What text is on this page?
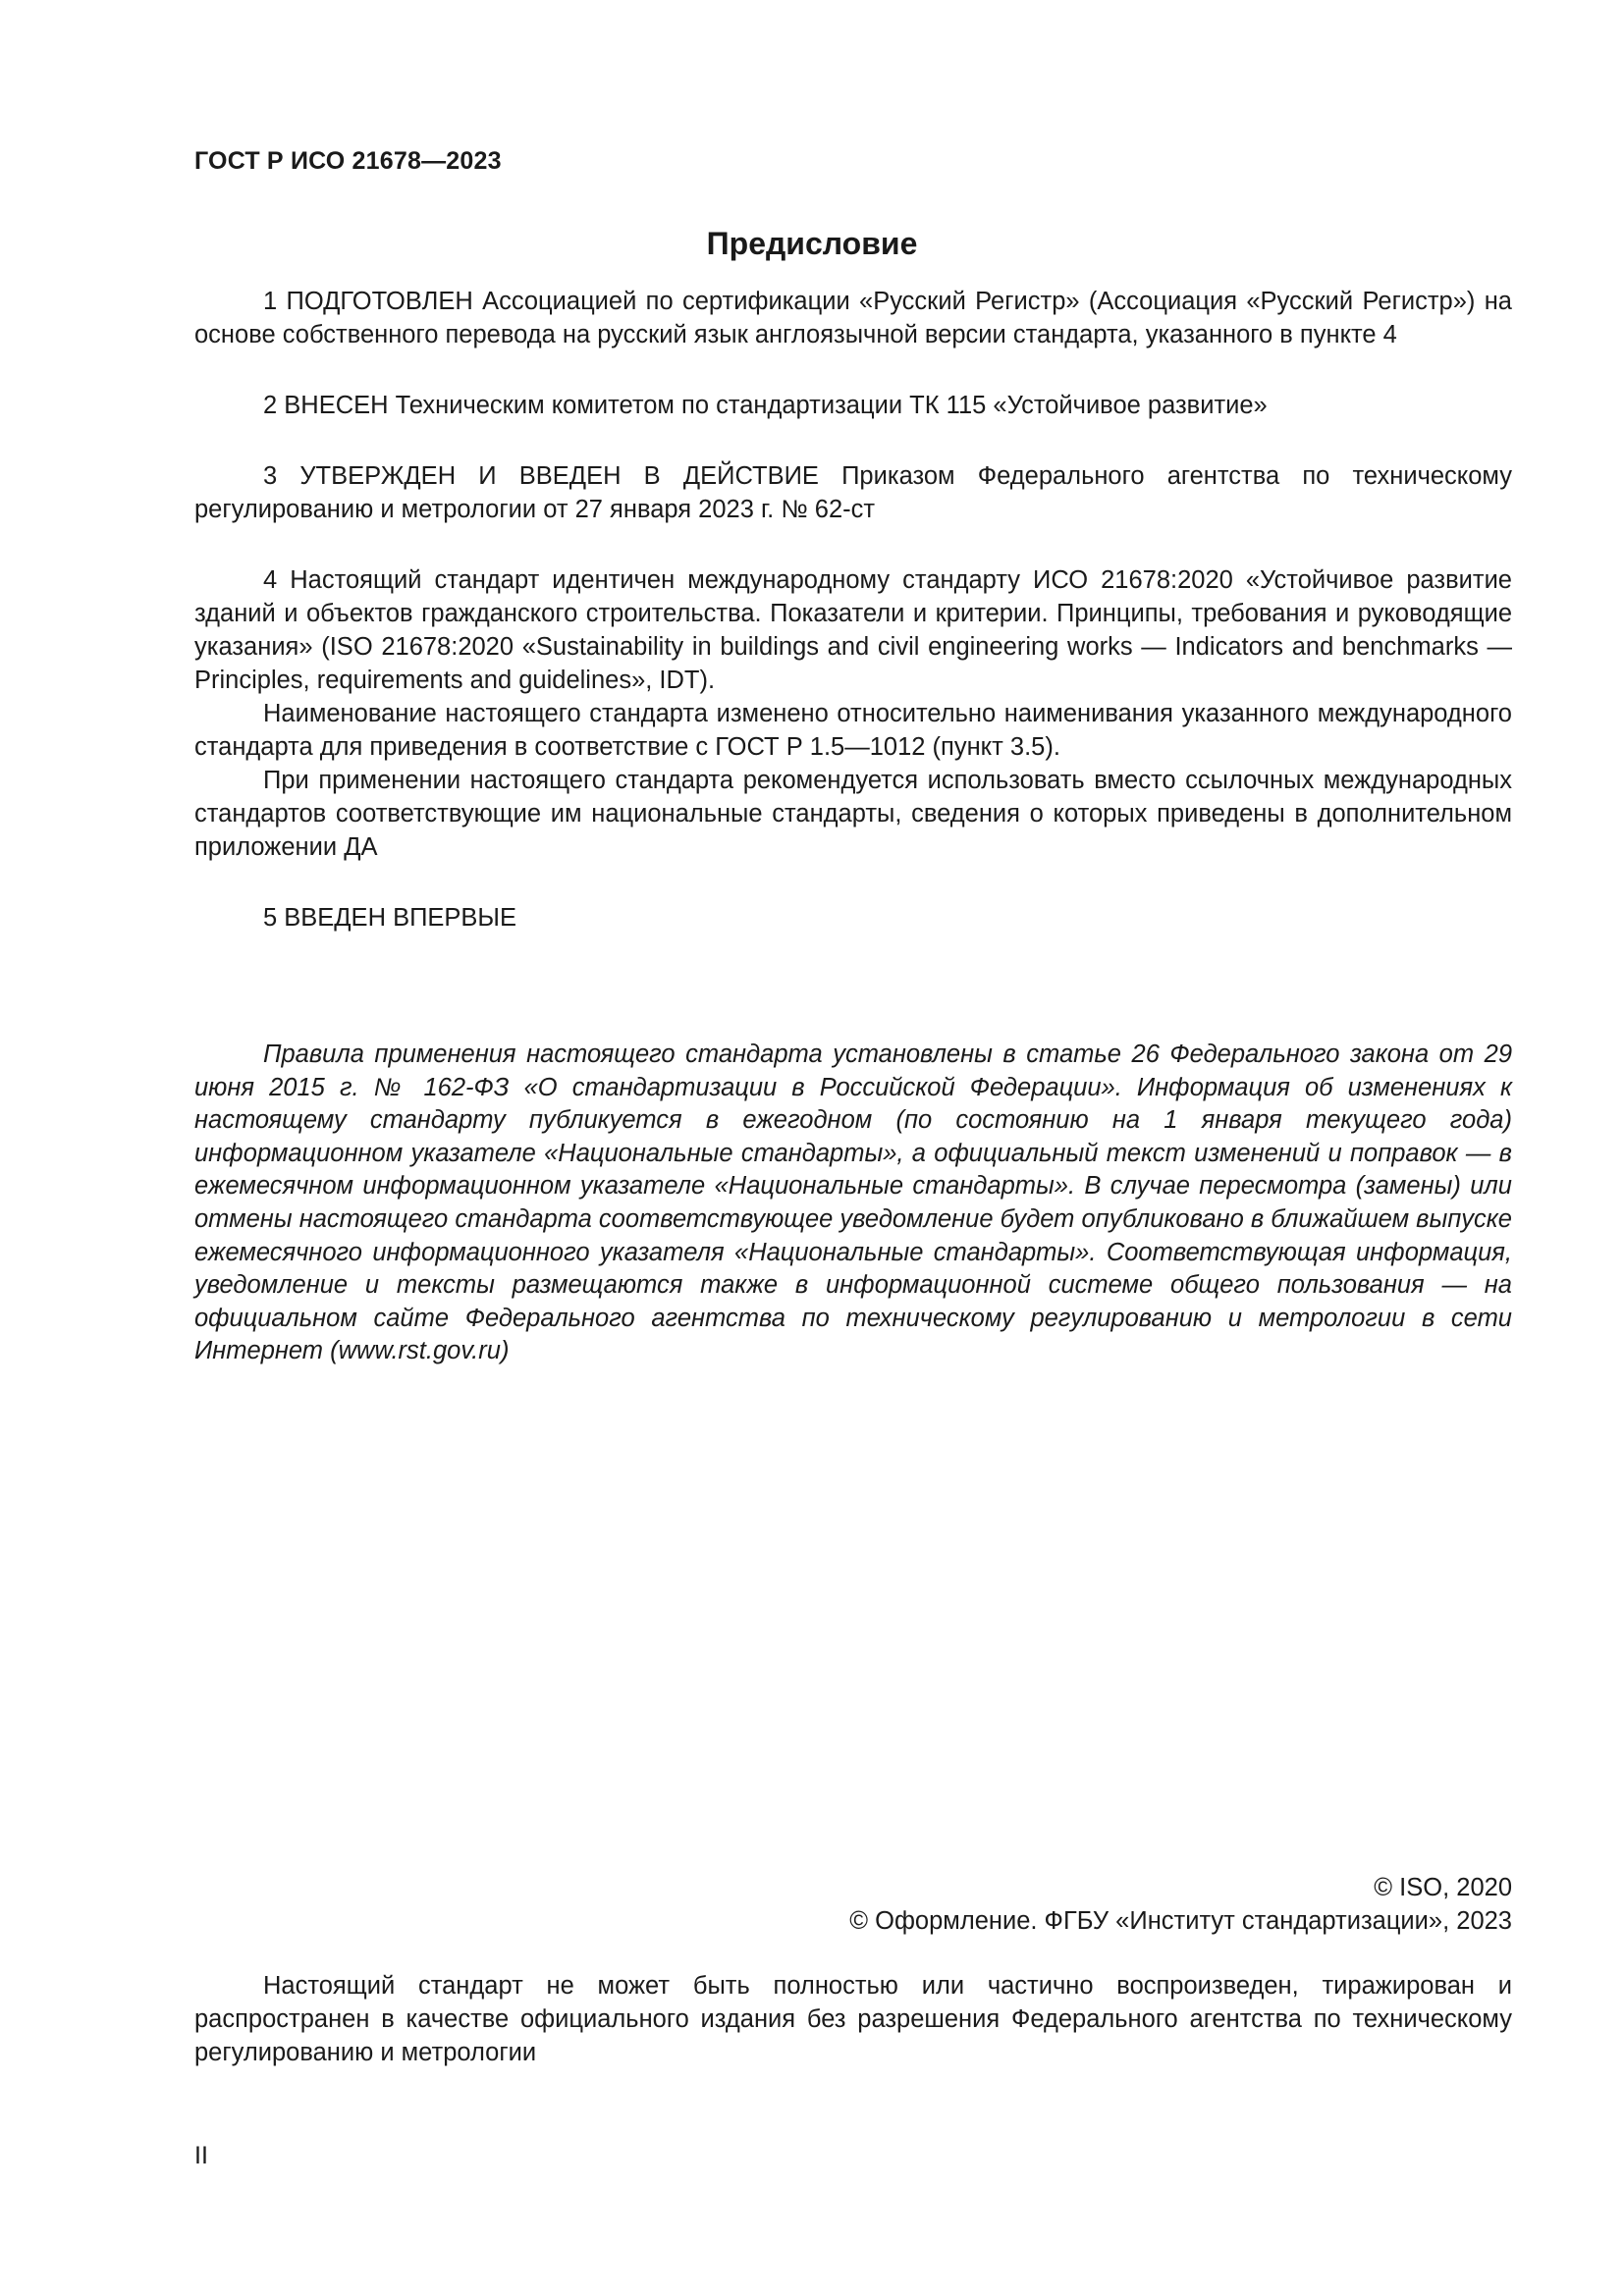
ГОСТ Р ИСО 21678—2023
Предисловие

1 ПОДГОТОВЛЕН Ассоциацией по сертификации «Русский Регистр» (Ассоциация «Русский Регистр») на основе собственного перевода на русский язык англоязычной версии стандарта, указанного в пункте 4

2 ВНЕСЕН Техническим комитетом по стандартизации ТК 115 «Устойчивое развитие»

3 УТВЕРЖДЕН И ВВЕДЕН В ДЕЙСТВИЕ Приказом Федерального агентства по техническому регулированию и метрологии от 27 января 2023 г. № 62-ст

4 Настоящий стандарт идентичен международному стандарту ИСО 21678:2020 «Устойчивое развитие зданий и объектов гражданского строительства. Показатели и критерии. Принципы, требования и руководящие указания» (ISO 21678:2020 «Sustainability in buildings and civil engineering works — Indicators and benchmarks — Principles, requirements and guidelines», IDT).

Наименование настоящего стандарта изменено относительно наименивания указанного международного стандарта для приведения в соответствие с ГОСТ Р 1.5—1012 (пункт 3.5).

При применении настоящего стандарта рекомендуется использовать вместо ссылочных международных стандартов соответствующие им национальные стандарты, сведения о которых приведены в дополнительном приложении ДА

5 ВВЕДЕН ВПЕРВЫЕ

Правила применения настоящего стандарта установлены в статье 26 Федерального закона от 29 июня 2015 г. № 162-ФЗ «О стандартизации в Российской Федерации». Информация об изменениях к настоящему стандарту публикуется в ежегодном (по состоянию на 1 января текущего года) информационном указателе «Национальные стандарты», а официальный текст изменений и поправок — в ежемесячном информационном указателе «Национальные стандарты». В случае пересмотра (замены) или отмены настоящего стандарта соответствующее уведомление будет опубликовано в ближайшем выпуске ежемесячного информационного указателя «Национальные стандарты». Соответствующая информация, уведомление и тексты размещаются также в информационной системе общего пользования — на официальном сайте Федерального агентства по техническому регулированию и метрологии в сети Интернет (www.rst.gov.ru)

© ISO, 2020
© Оформление. ФГБУ «Институт стандартизации», 2023

Настоящий стандарт не может быть полностью или частично воспроизведен, тиражирован и распространен в качестве официального издания без разрешения Федерального агентства по техническому регулированию и метрологии

II
